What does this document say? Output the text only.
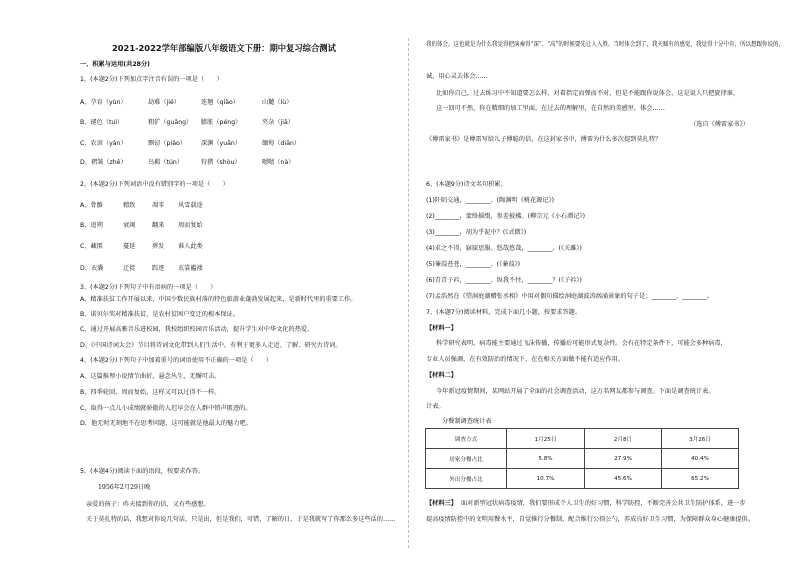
2021-2022学年部编版八年级语文下册：期中复习综合测试
一、积累与运用(共28分)
1、(本题2分)下列加点字注音有误的一项是（　　）
A、孕育（yùn）	劫难（jié）	连翘（qiào）	山麓（lù）
B、褪色（tuì）	粗犷（guǎng） 膨胀（péng）	夹杂（jiā）
C、农谚（yàn）	剽窃（piāo） 深渊（yuān）	缅甸（diān）
D、褶皱（zhě）	鸟羁（tún）	狩猎（shòu）	嗯嗯（nà）
2、(本题2分)下列词语中没有错别字的一项是（　　）
A、骨骼	精致	凋零 风雪载途
B、追朔	衰竭	翻来 周而复始
C、藏匿	蔓延	葬发 谁人此类
D、衣囊	迁徙	踪迹 衣裳褴褛
3、(本题2分)下列句子中有语病的一项是（　　）
A、精准扶贫工作开展以来，中国少数民族村落的特色旅游业蓬勃发展起来，是新时代里的重要工作。
B、诺贝尔奖对精准扶贫，是农村贫困户变迁的根本保证。
C、通过开展高雅音乐进校园，我校组织校园音乐活动，提升学生对中华文化的热爱。
D、《中国诗词大会》节目将诗词文化带到人们生活中，有利于更多人走近、了解、研究古诗词。
4、(本题2分)下列句子中加着重号的词语使用不正确的一项是（　　）
A、这篇推理小说情节曲折，悬念丛生，无懈可击。
B、四季轮回，周而复始，这样又可以过得不一样。
C、取得一点儿小成绩就骄傲的人迟早会在人群中销声匿迹的。
D、他无时无刻地不在思考问题，这可能就是他最大的魅力吧。
5、(本题4分)阅读下面的语段，按要求作答。
1956年2月29日晚
亲爱的孩子：昨天接到你的信，又有些感想。
关于莫扎特的话，我想对你说几句话，只是出，但是我们，可惜，了解的日，于是我就写了你那么多这些话的……
我的体会。这也就是为什么我觉得把演奏得“深”、“高”的时候要先让人入胜。当时体会到了，我天赋有的感觉，我觉得十分中肯，所以想跟你说的，
诚，用心灵去体会……
比如你自己，过去练习中不知道要怎么样，对着指定而弹而不对，但是不能跟你说体会，这是说人只把旋律谁，
这一回可不然，你在精细的加工里面，在过去的理解里，在自然的美感里，体会……
（选自《傅雷家书》）
《傅雷家书》是傅雷写给儿子傅聪的信，在这封家书中，傅雷为什么多次提到莫扎特？
6、(本题9分)诗文名句积累。
(1)阡陌交通，________。(陶渊明《桃花源记》)
(2)________，蒙络摇缀，参差披拂。(柳宗元《小石潭记》)
(3)________，胡为乎泥中？(《式微》)
(4)求之不得，寤寐思服。悠哉悠哉，________。(《关雎》)
(5)蒹葭苍苍，________。(《蒹葭》)
(6)青青子衿，________。纵我不往，________？(《子衿》)
(7)孟浩然在《望洞庭湖赠张丞相》中用对偶句描绘洞庭湖波涛汹涌景象的句子是：________，________。
7、(本题7分)阅读材料，完成下面几小题，按要求答题。
【材料一】
科学研究表明，病毒能主要通过飞沫传播，传播后可能形式复杂性。会有在特定条件下，可能会多种病毒，
专业人员强调，在有效防治的情况下，在在相关方面做不能有适应作用。
【材料二】
今年新冠疫情期间，某网站开展了全面的社会调查活动，这万名网友都参与调查。下面是调查统计表。
计表。
分餐制调查统计表
调查方式	1月25日	2月8日	3月26日
居家分餐占比	5.8%	27.9%	40.4%
外出分餐占比	10.7%	45.6%	65.2%
【材料三】 面对新型冠状病毒疫情，我们要形成个人卫生的好习惯，科学防控，不断完善公共卫生防护体系，进一步
提高疫情防控中的文明用餐水平，自觉推行分餐制，配合推行公筷公勺，养成良好卫生习惯，为保障群众身心健康提供。
